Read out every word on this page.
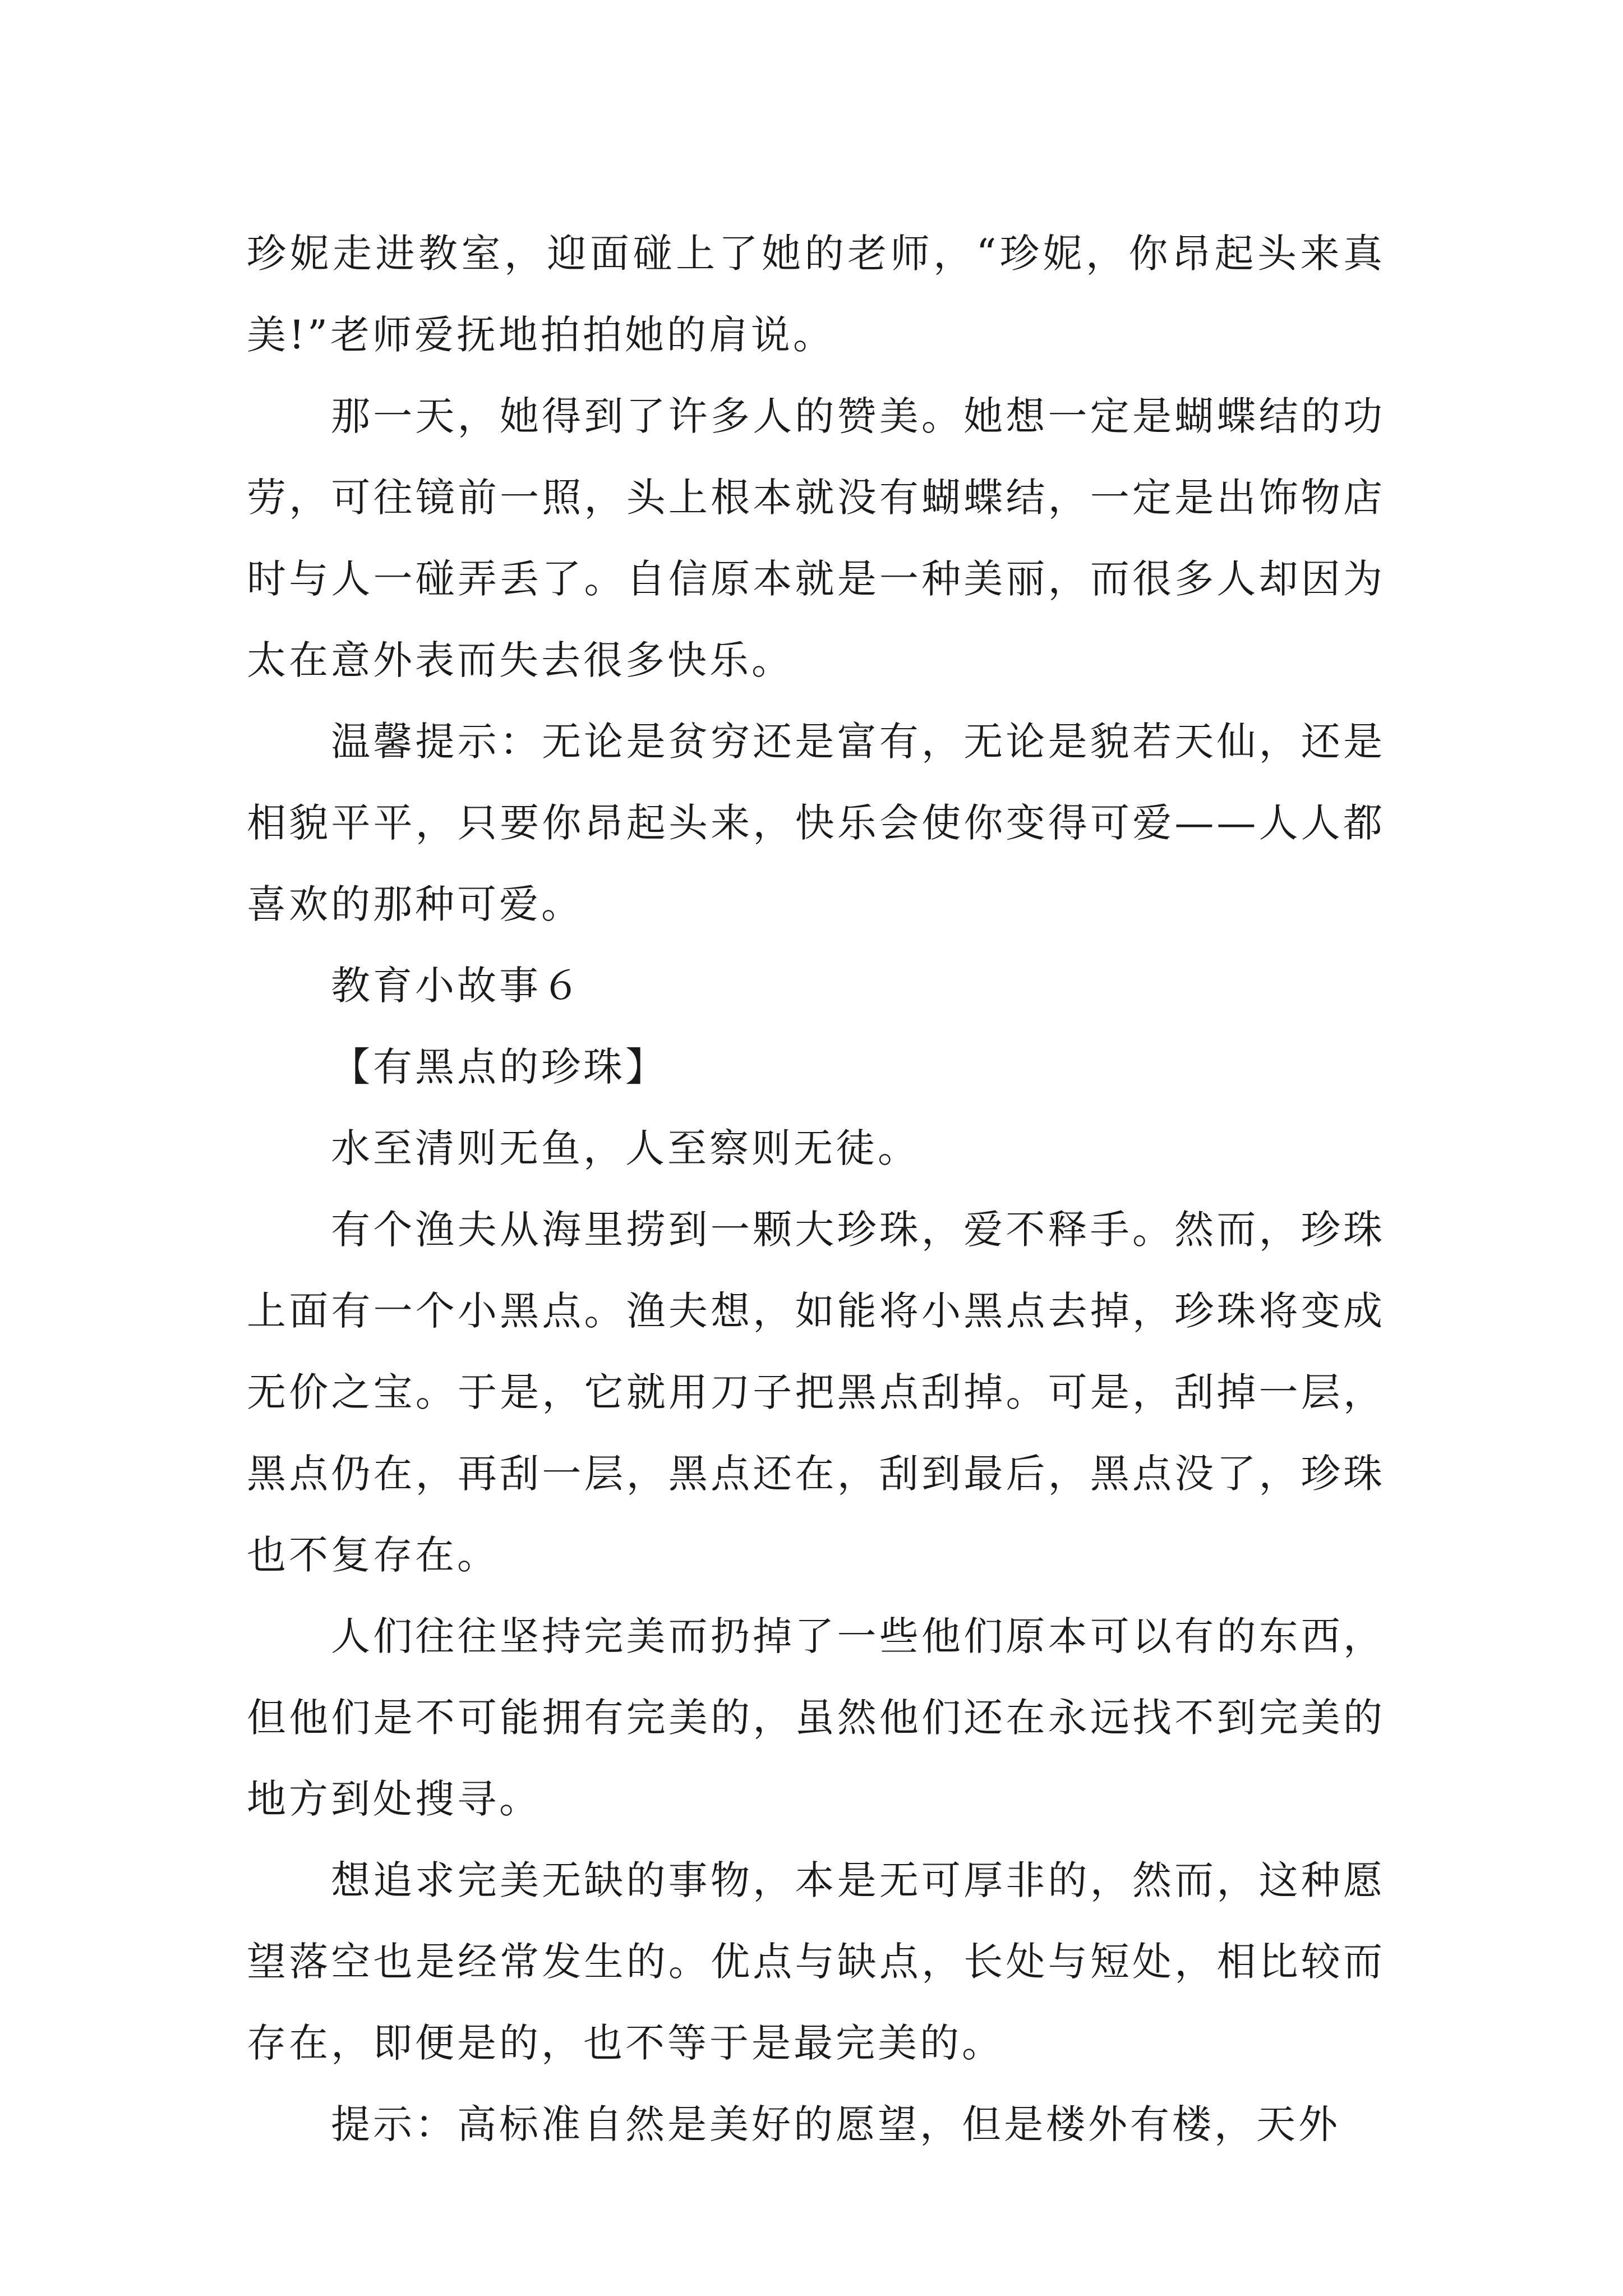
珍妮走进教室，迎面碰上了她的老师，“珍妮，你昂起头来真美!”老师爱抚地拍拍她的肩说。

那一天，她得到了许多人的赞美。她想一定是蝴蝶结的功劳，可往镜前一照，头上根本就没有蝴蝶结，一定是出饰物店时与人一碰弄丢了。自信原本就是一种美丽，而很多人却因为太在意外表而失去很多快乐。

温馨提示：无论是贫穷还是富有，无论是貌若天仙，还是相貌平平，只要你昂起头来，快乐会使你变得可爱——人人都喜欢的那种可爱。

教育小故事６

【有黑点的珍珠】

水至清则无鱼，人至察则无徒。

有个渔夫从海里捞到一颗大珍珠，爱不释手。然而，珍珠上面有一个小黑点。渔夫想，如能将小黑点去掉，珍珠将变成无价之宝。于是，它就用刀子把黑点刮掉。可是，刮掉一层，黑点仍在，再刮一层，黑点还在，刮到最后，黑点没了，珍珠也不复存在。

人们往往坚持完美而扔掉了一些他们原本可以有的东西，但他们是不可能拥有完美的，虽然他们还在永远找不到完美的地方到处搜寻。

想追求完美无缺的事物，本是无可厚非的，然而，这种愿望落空也是经常发生的。优点与缺点，长处与短处，相比较而存在，即便是的，也不等于是最完美的。

提示：高标准自然是美好的愿望，但是楼外有楼，天外
